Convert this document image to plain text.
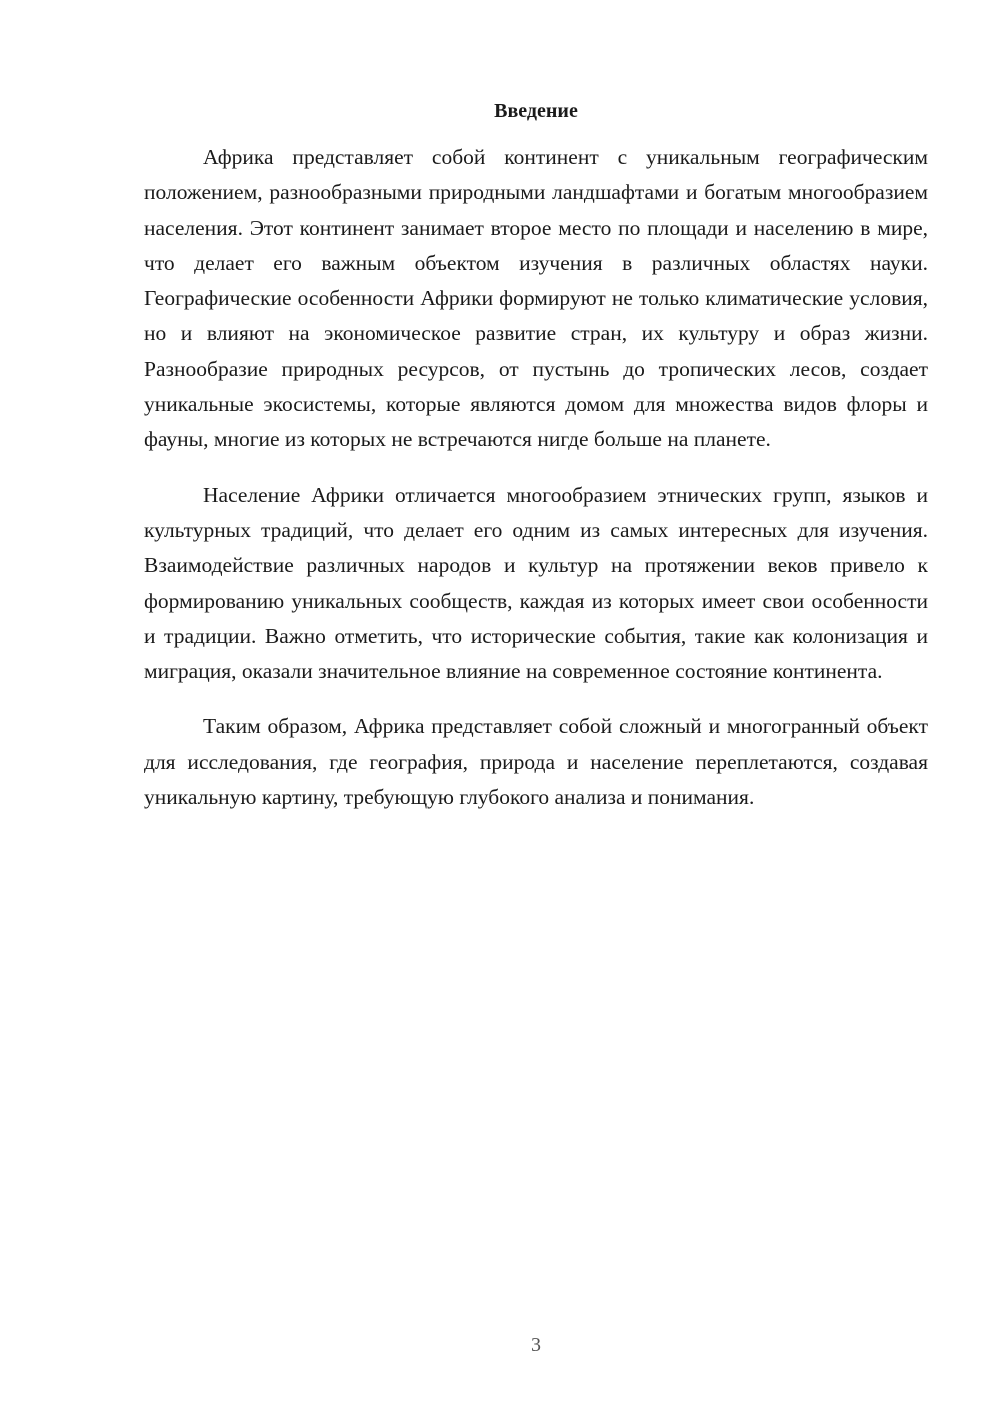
Введение

Африка представляет собой континент с уникальным географическим положением, разнообразными природными ландшафтами и богатым многообразием населения. Этот континент занимает второе место по площади и населению в мире, что делает его важным объектом изучения в различных областях науки. Географические особенности Африки формируют не только климатические условия, но и влияют на экономическое развитие стран, их культуру и образ жизни. Разнообразие природных ресурсов, от пустынь до тропических лесов, создает уникальные экосистемы, которые являются домом для множества видов флоры и фауны, многие из которых не встречаются нигде больше на планете.

Население Африки отличается многообразием этнических групп, языков и культурных традиций, что делает его одним из самых интересных для изучения. Взаимодействие различных народов и культур на протяжении веков привело к формированию уникальных сообществ, каждая из которых имеет свои особенности и традиции. Важно отметить, что исторические события, такие как колонизация и миграция, оказали значительное влияние на современное состояние континента.

Таким образом, Африка представляет собой сложный и многогранный объект для исследования, где география, природа и население переплетаются, создавая уникальную картину, требующую глубокого анализа и понимания.

3
